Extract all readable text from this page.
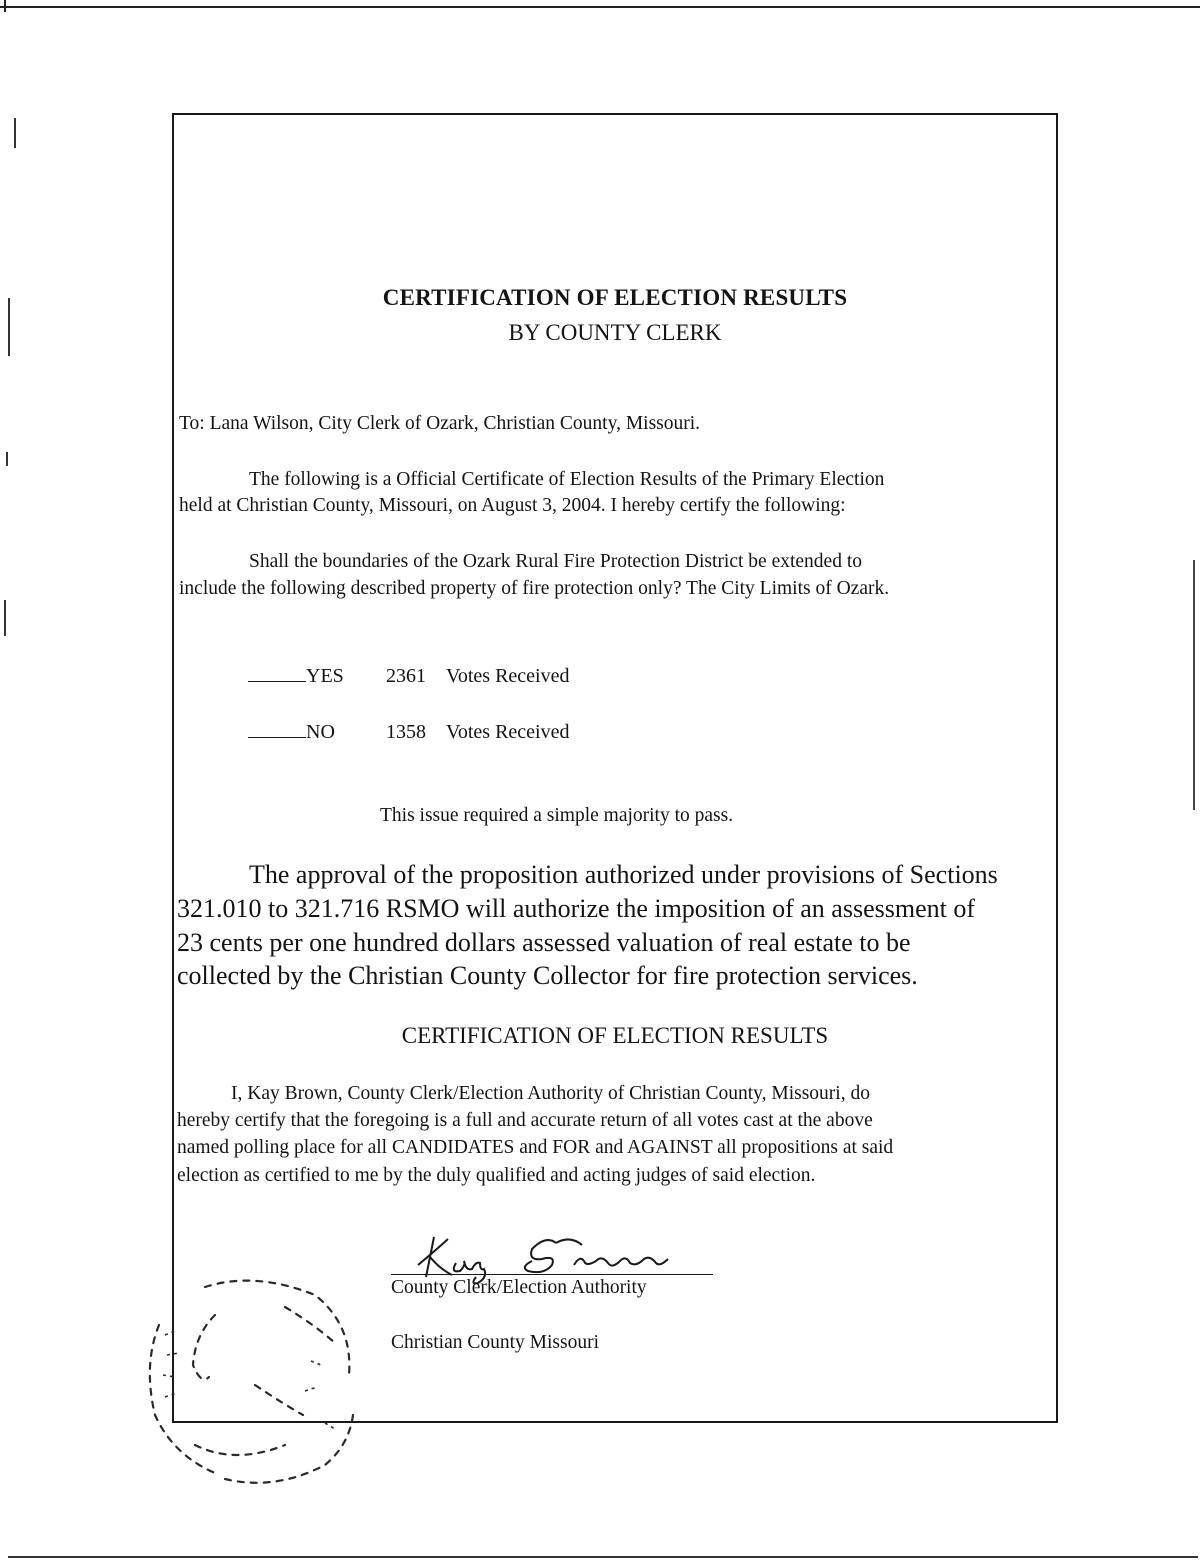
CERTIFICATION OF ELECTION RESULTS
BY COUNTY CLERK
To: Lana Wilson, City Clerk of Ozark, Christian County, Missouri.
The following is a Official Certificate of Election Results of the Primary Election
held at Christian County, Missouri, on August 3, 2004. I hereby certify the following:
Shall the boundaries of the Ozark Rural Fire Protection District be extended to
include the following described property of fire protection only? The City Limits of Ozark.
YES 2361 Votes Received
NO	1358 Votes Received
This issue required a simple majority to pass.
The approval of the proposition authorized under provisions of Sections
321.010 to 321.716 RSMO will authorize the imposition of an assessment of
23 cents per one hundred dollars assessed valuation of real estate to be
collected by the Christian County Collector for fire protection services.
CERTIFICATION OF ELECTION RESULTS
I, Kay Brown, County Clerk/Election Authority of Christian County, Missouri, do
hereby certify that the foregoing is a full and accurate return of all votes cast at the above
named polling place for all CANDIDATES and FOR and AGAINST all propositions at said
election as certified to me by the duly qualified and acting judges of said election.
County Clerk/Election Authority
Christian County Missouri
